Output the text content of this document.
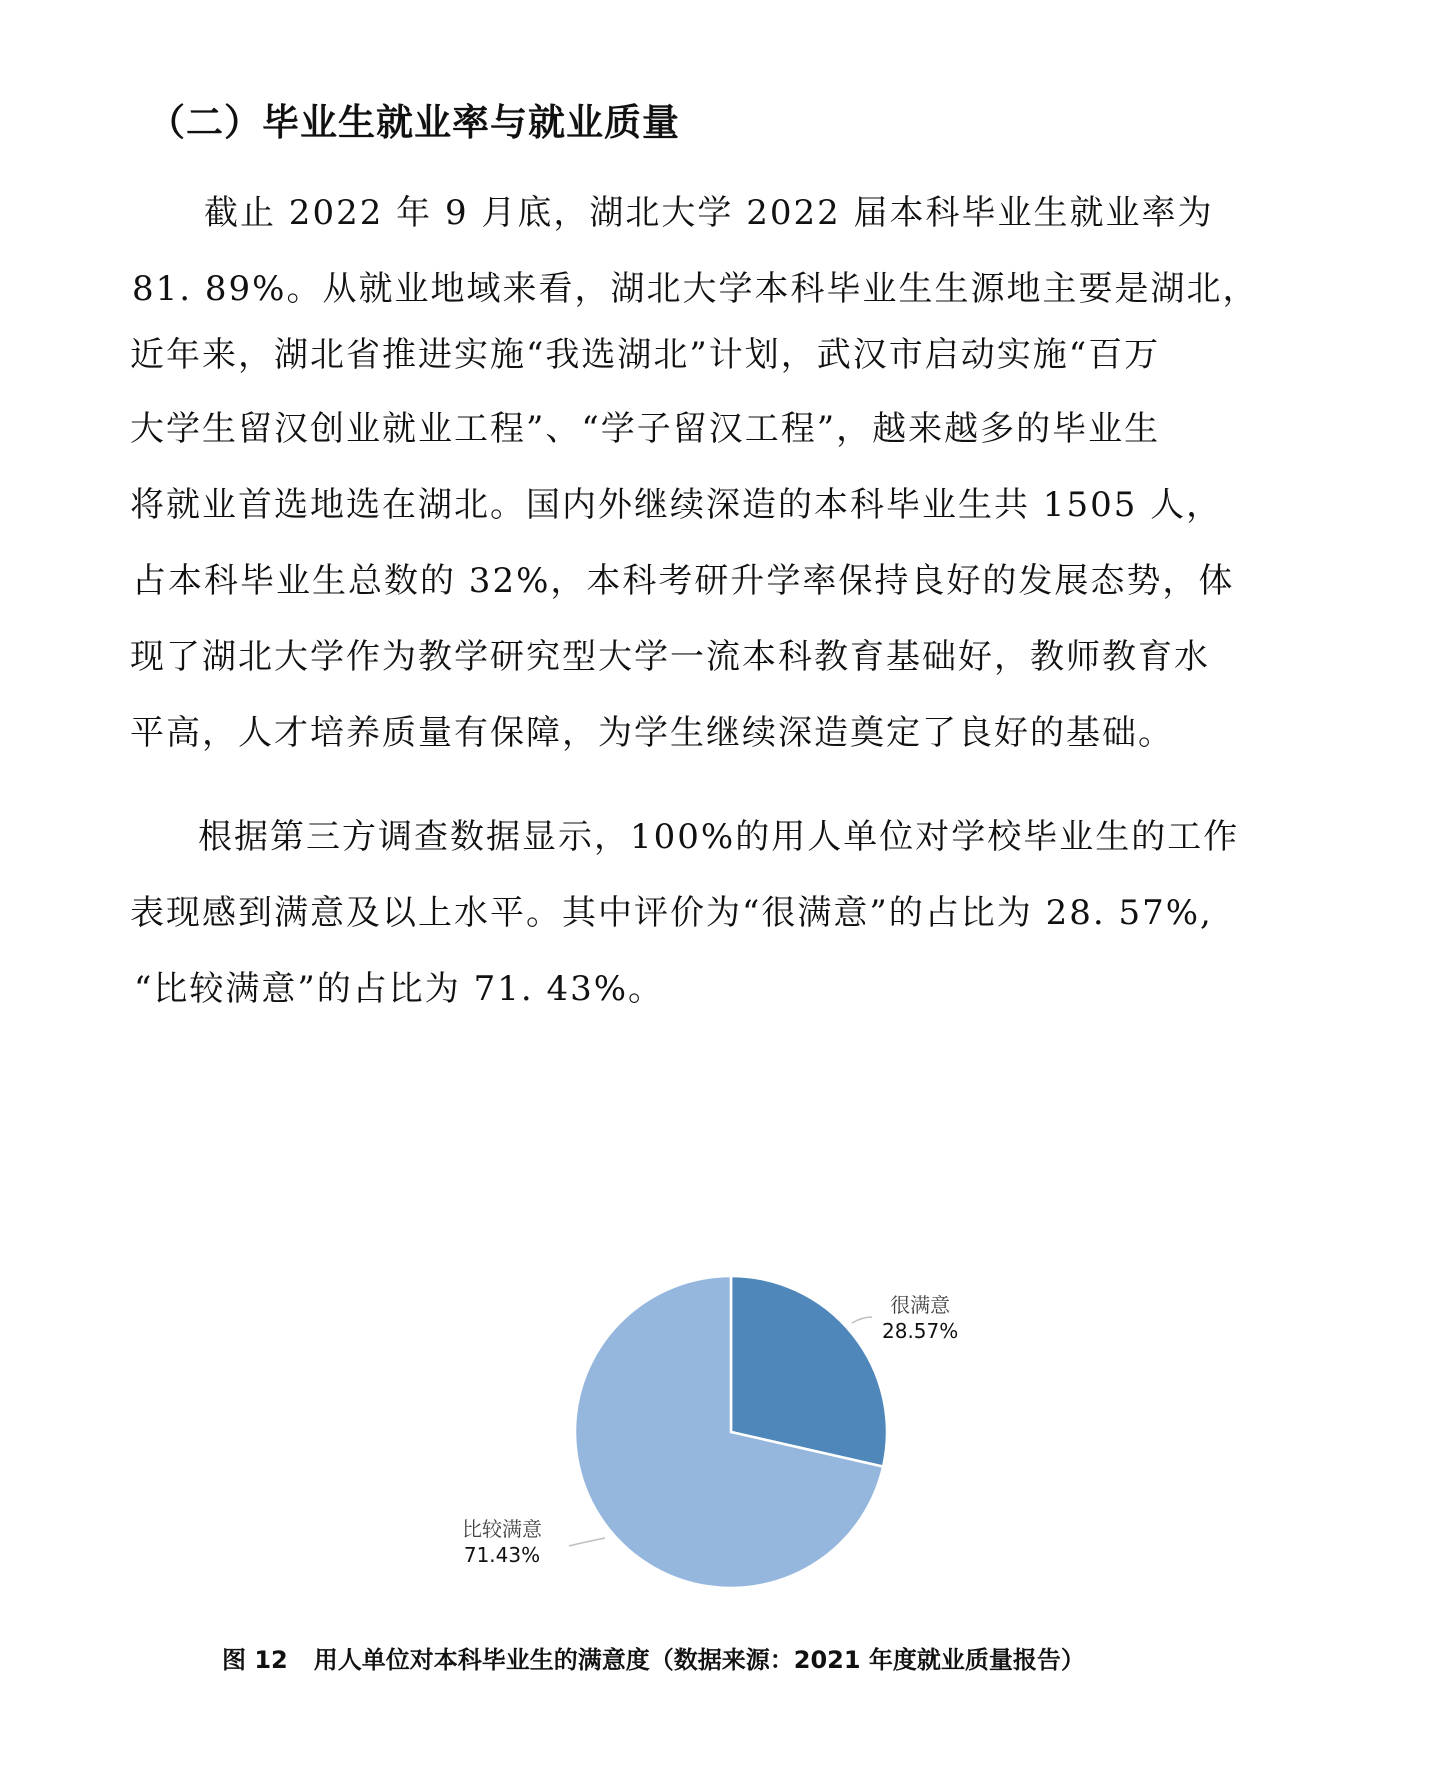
（二）毕业生就业率与就业质量
截止 2022 年 9 月底，湖北大学 2022 届本科毕业生就业率为
81. 89%。从就业地域来看，湖北大学本科毕业生生源地主要是湖北，
近年来，湖北省推进实施“我选湖北”计划，武汉市启动实施“百万
大学生留汉创业就业工程”、“学子留汉工程”，越来越多的毕业生
将就业首选地选在湖北。国内外继续深造的本科毕业生共 1505 人，
占本科毕业生总数的 32%，本科考研升学率保持良好的发展态势，体
现了湖北大学作为教学研究型大学一流本科教育基础好，教师教育水
平高，人才培养质量有保障，为学生继续深造奠定了良好的基础。
根据第三方调查数据显示，100%的用人单位对学校毕业生的工作
表现感到满意及以上水平。其中评价为“很满意”的占比为 28. 57%,
“比较满意”的占比为 71. 43%。
很满意
28.57%
比较满意
71.43%
图 12 用人单位对本科毕业生的满意度（数据来源：2021 年度就业质量报告）
